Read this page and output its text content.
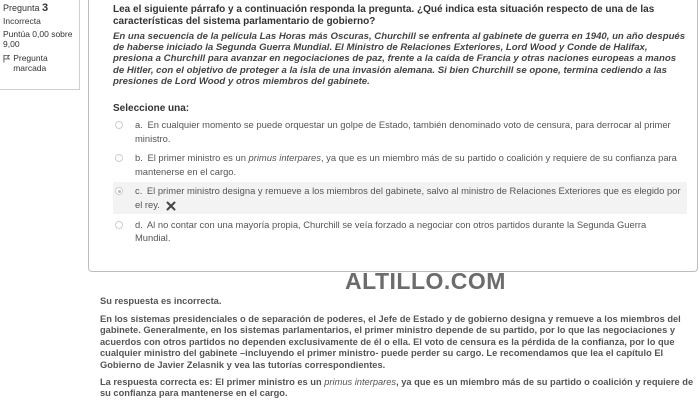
Pregunta 3
Incorrecta
Puntúa 0,00 sobre 9,00
Pregunta marcada
Lea el siguiente párrafo y a continuación responda la pregunta. ¿Qué indica esta situación respecto de una de las características del sistema parlamentario de gobierno?
En una secuencia de la película Las Horas más Oscuras, Churchill se enfrenta al gabinete de guerra en 1940, un año después de haberse iniciado la Segunda Guerra Mundial. El Ministro de Relaciones Exteriores, Lord Wood y Conde de Halifax, presiona a Churchill para avanzar en negociaciones de paz, frente a la caída de Francia y otras naciones europeas a manos de Hitler, con el objetivo de proteger a la isla de una invasión alemana. Si bien Churchill se opone, termina cediendo a las presiones de Lord Wood y otros miembros del gabinete.
Seleccione una:
a. En cualquier momento se puede orquestar un golpe de Estado, también denominado voto de censura, para derrocar al primer ministro.
b. El primer ministro es un primus interpares, ya que es un miembro más de su partido o coalición y requiere de su confianza para mantenerse en el cargo.
c. El primer ministro designa y remueve a los miembros del gabinete, salvo al ministro de Relaciones Exteriores que es elegido por el rey.
d. Al no contar con una mayoría propia, Churchill se veía forzado a negociar con otros partidos durante la Segunda Guerra Mundial.
ALTILLO.COM

Su respuesta es incorrecta.

En los sistemas presidenciales o de separación de poderes, el Jefe de Estado y de gobierno designa y remueve a los miembros del gabinete. Generalmente, en los sistemas parlamentarios, el primer ministro depende de su partido, por lo que las negociaciones y acuerdos con otros partidos no dependen exclusivamente de él o ella. El voto de censura es la pérdida de la confianza, por lo que cualquier ministro del gabinete –incluyendo el primer ministro- puede perder su cargo. Le recomendamos que lea el capítulo El Gobierno de Javier Zelasnik y vea las tutorías correspondientes.

La respuesta correcta es: El primer ministro es un primus interpares, ya que es un miembro más de su partido o coalición y requiere de su confianza para mantenerse en el cargo.
